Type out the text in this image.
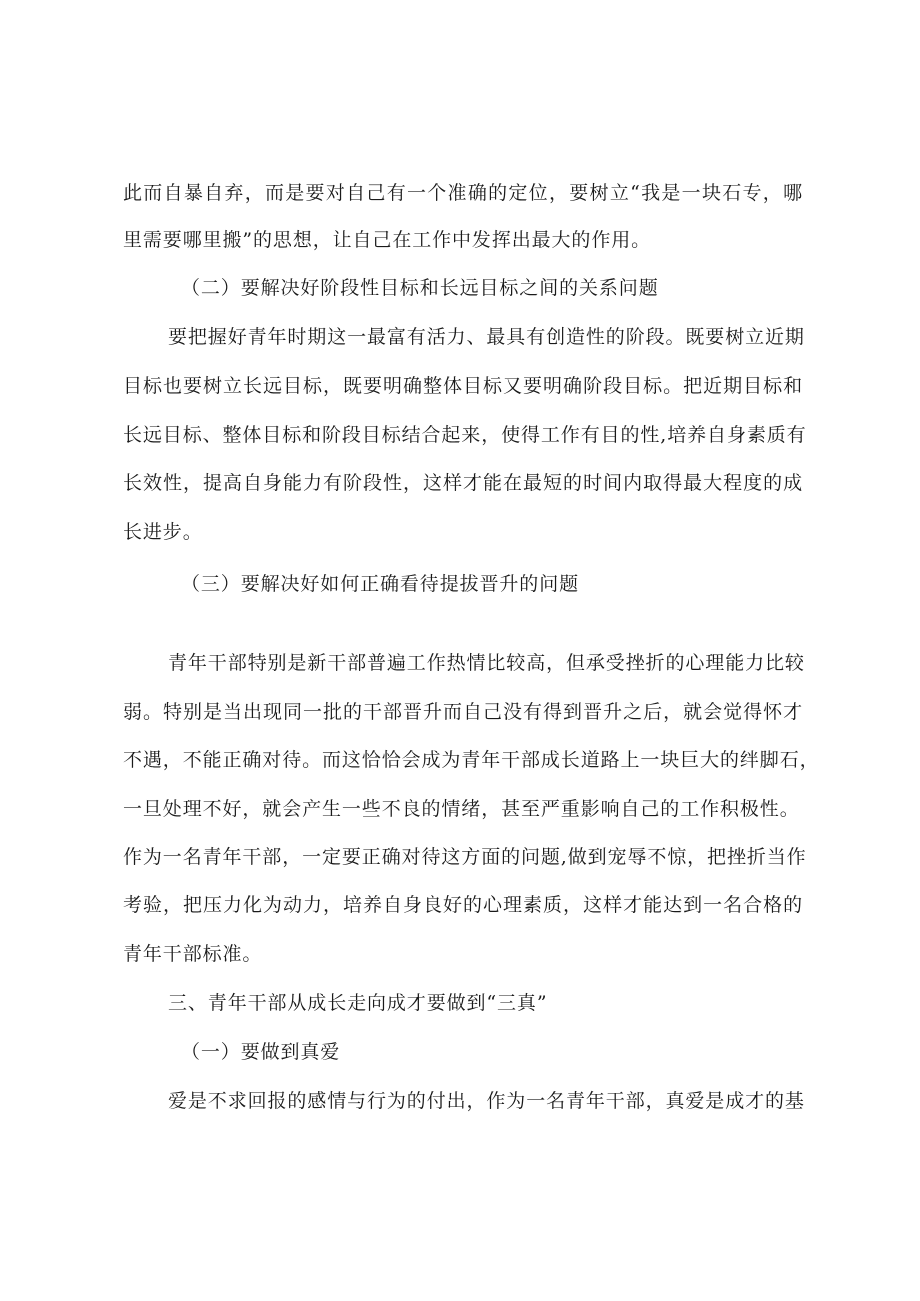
此而自暴自弃，而是要对自己有一个准确的定位，要树立“我是一块石专，哪
里需要哪里搬”的思想，让自己在工作中发挥出最大的作用。
（二）要解决好阶段性目标和长远目标之间的关系问题
要把握好青年时期这一最富有活力、最具有创造性的阶段。既要树立近期
目标也要树立长远目标，既要明确整体目标又要明确阶段目标。把近期目标和
长远目标、整体目标和阶段目标结合起来，使得工作有目的性,培养自身素质有
长效性，提高自身能力有阶段性，这样才能在最短的时间内取得最大程度的成
长进步。
（三）要解决好如何正确看待提拔晋升的问题
青年干部特别是新干部普遍工作热情比较高，但承受挫折的心理能力比较
弱。特别是当出现同一批的干部晋升而自己没有得到晋升之后，就会觉得怀才
不遇，不能正确对待。而这恰恰会成为青年干部成长道路上一块巨大的绊脚石，
一旦处理不好，就会产生一些不良的情绪，甚至严重影响自己的工作积极性。
作为一名青年干部，一定要正确对待这方面的问题,做到宠辱不惊，把挫折当作
考验，把压力化为动力，培养自身良好的心理素质，这样才能达到一名合格的
青年干部标准。
三、青年干部从成长走向成才要做到“三真”
（一）要做到真爱
爱是不求回报的感情与行为的付出，作为一名青年干部，真爱是成才的基
